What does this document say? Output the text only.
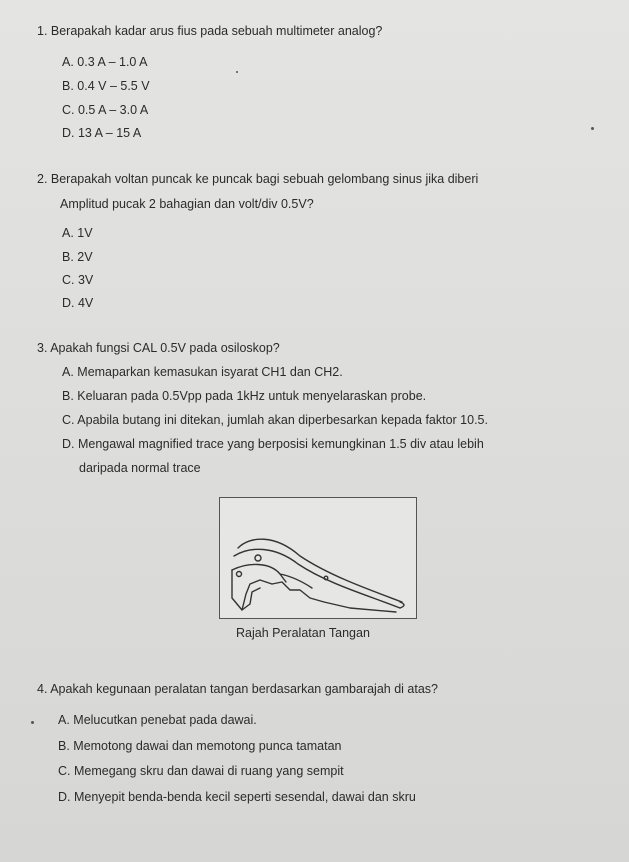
1. Berapakah kadar arus fius pada sebuah multimeter analog?
A. 0.3 A – 1.0 A
B. 0.4 V – 5.5 V
C. 0.5 A – 3.0 A
D. 13 A – 15 A
2. Berapakah voltan puncak ke puncak bagi sebuah gelombang sinus jika diberi
Amplitud pucak 2 bahagian dan volt/div 0.5V?
A. 1V
B. 2V
C. 3V
D. 4V
3. Apakah fungsi CAL 0.5V pada osiloskop?
A. Memaparkan kemasukan isyarat CH1 dan CH2.
B. Keluaran pada 0.5Vpp pada 1kHz untuk menyelaraskan probe.
C. Apabila butang ini ditekan, jumlah akan diperbesarkan kepada faktor 10.5.
D. Mengawal magnified trace yang berposisi kemungkinan 1.5 div atau lebih
daripada normal trace
Rajah Peralatan Tangan
4. Apakah kegunaan peralatan tangan berdasarkan gambarajah di atas?
A. Melucutkan penebat pada dawai.
B. Memotong dawai dan memotong punca tamatan
C. Memegang skru dan dawai di ruang yang sempit
D. Menyepit benda-benda kecil seperti sesendal, dawai dan skru
